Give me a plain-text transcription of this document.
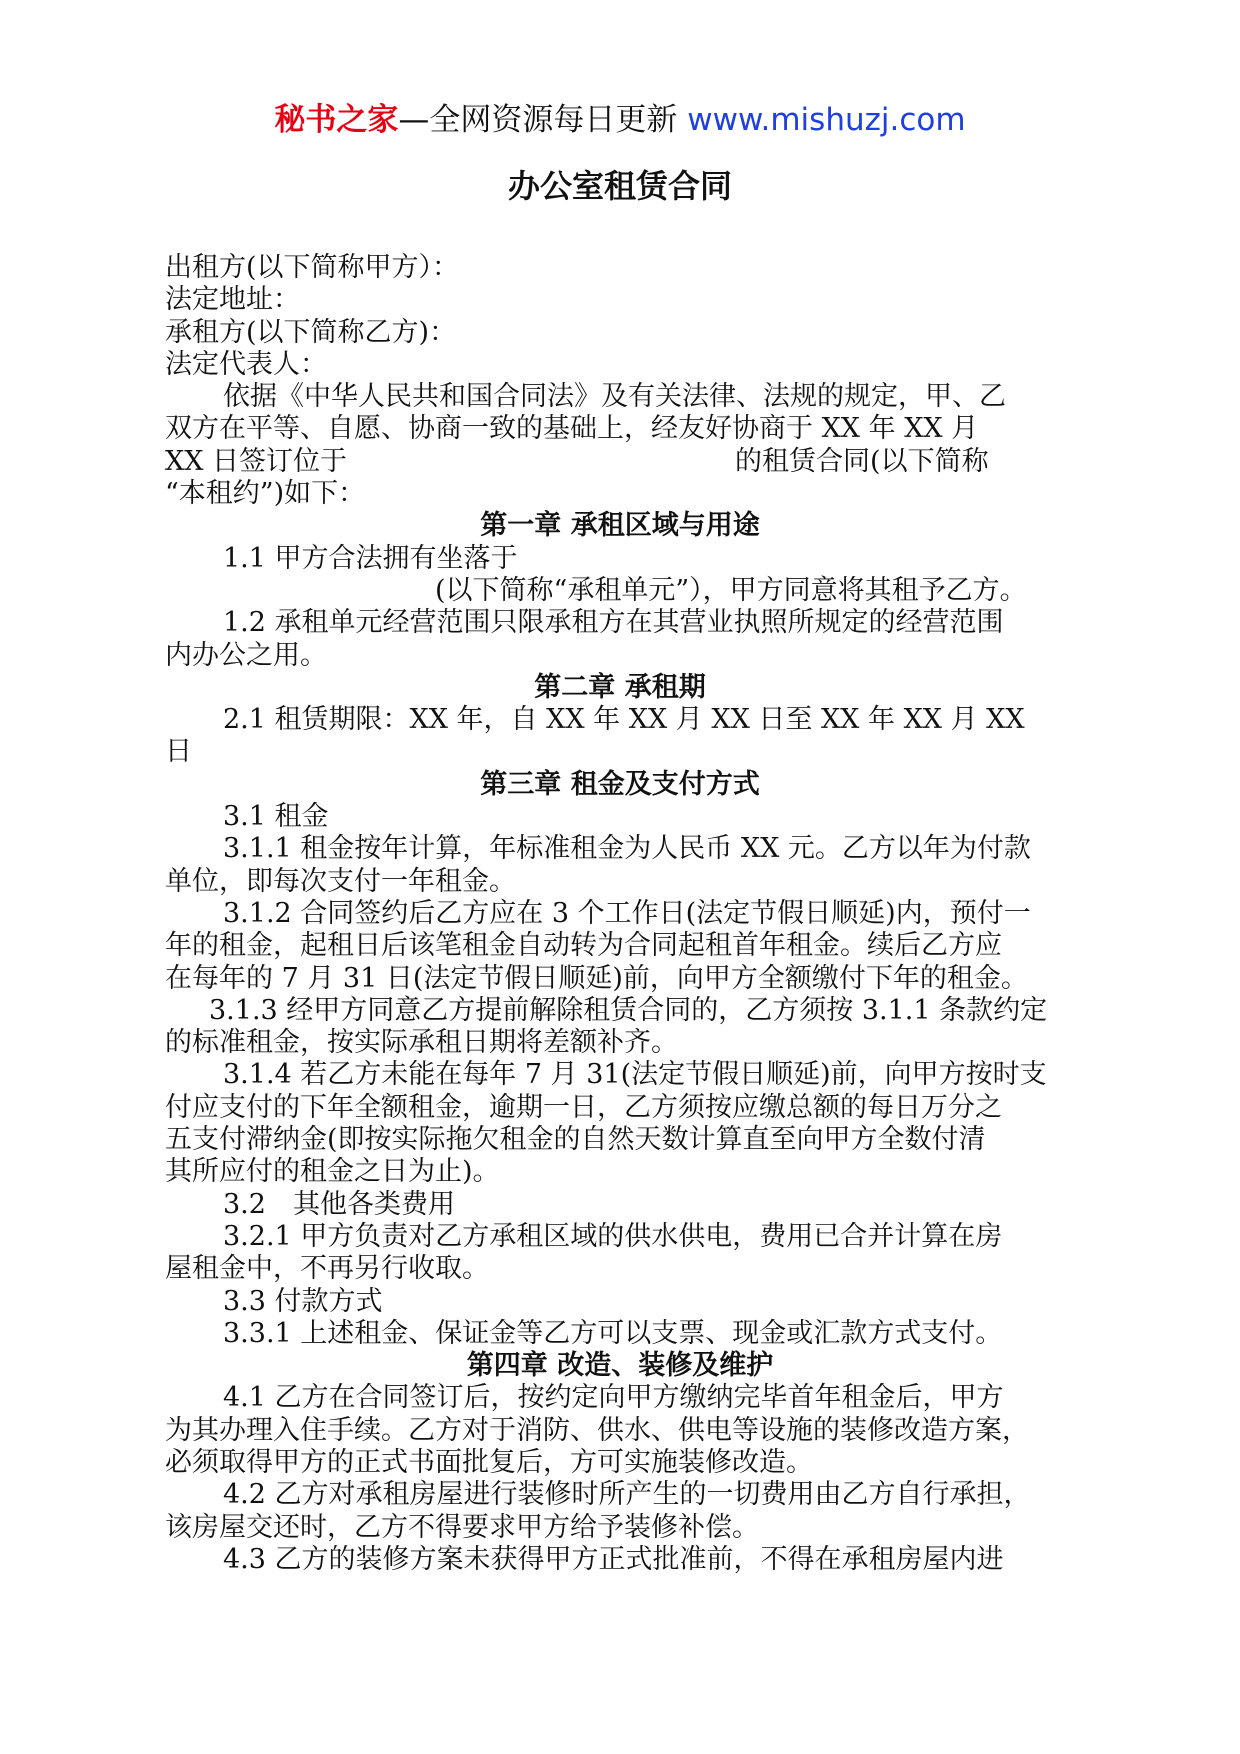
秘书之家—全网资源每日更新 www.mishuzj.com
办公室租赁合同
出租方(以下简称甲方）：
法定地址：
承租方(以下简称乙方)：
法定代表人：
依据《中华人民共和国合同法》及有关法律、法规的规定，甲、乙
双方在平等、自愿、协商一致的基础上，经友好协商于 XX 年 XX 月
XX 日签订位于	的租赁合同(以下简称
“本租约”)如下：
第一章 承租区域与用途
1.1 甲方合法拥有坐落于
(以下简称“承租单元”），甲方同意将其租予乙方。
1.2 承租单元经营范围只限承租方在其营业执照所规定的经营范围
内办公之用。
第二章 承租期
2.1 租赁期限：XX 年，自 XX 年 XX 月 XX 日至 XX 年 XX 月 XX
日
第三章 租金及支付方式
3.1 租金
3.1.1 租金按年计算，年标准租金为人民币 XX 元。乙方以年为付款
单位，即每次支付一年租金。
3.1.2 合同签约后乙方应在 3 个工作日(法定节假日顺延)内，预付一
年的租金，起租日后该笔租金自动转为合同起租首年租金。续后乙方应
在每年的 7 月 31 日(法定节假日顺延)前，向甲方全额缴付下年的租金。
3.1.3 经甲方同意乙方提前解除租赁合同的，乙方须按 3.1.1 条款约定
的标准租金，按实际承租日期将差额补齐。
3.1.4 若乙方未能在每年 7 月 31(法定节假日顺延)前，向甲方按时支
付应支付的下年全额租金，逾期一日，乙方须按应缴总额的每日万分之
五支付滞纳金(即按实际拖欠租金的自然天数计算直至向甲方全数付清
其所应付的租金之日为止)。
3.2　其他各类费用
3.2.1 甲方负责对乙方承租区域的供水供电，费用已合并计算在房
屋租金中，不再另行收取。
3.3 付款方式
3.3.1 上述租金、保证金等乙方可以支票、现金或汇款方式支付。
第四章 改造、装修及维护
4.1 乙方在合同签订后，按约定向甲方缴纳完毕首年租金后，甲方
为其办理入住手续。乙方对于消防、供水、供电等设施的装修改造方案，
必须取得甲方的正式书面批复后，方可实施装修改造。
4.2 乙方对承租房屋进行装修时所产生的一切费用由乙方自行承担，
该房屋交还时，乙方不得要求甲方给予装修补偿。
4.3 乙方的装修方案未获得甲方正式批准前，不得在承租房屋内进
